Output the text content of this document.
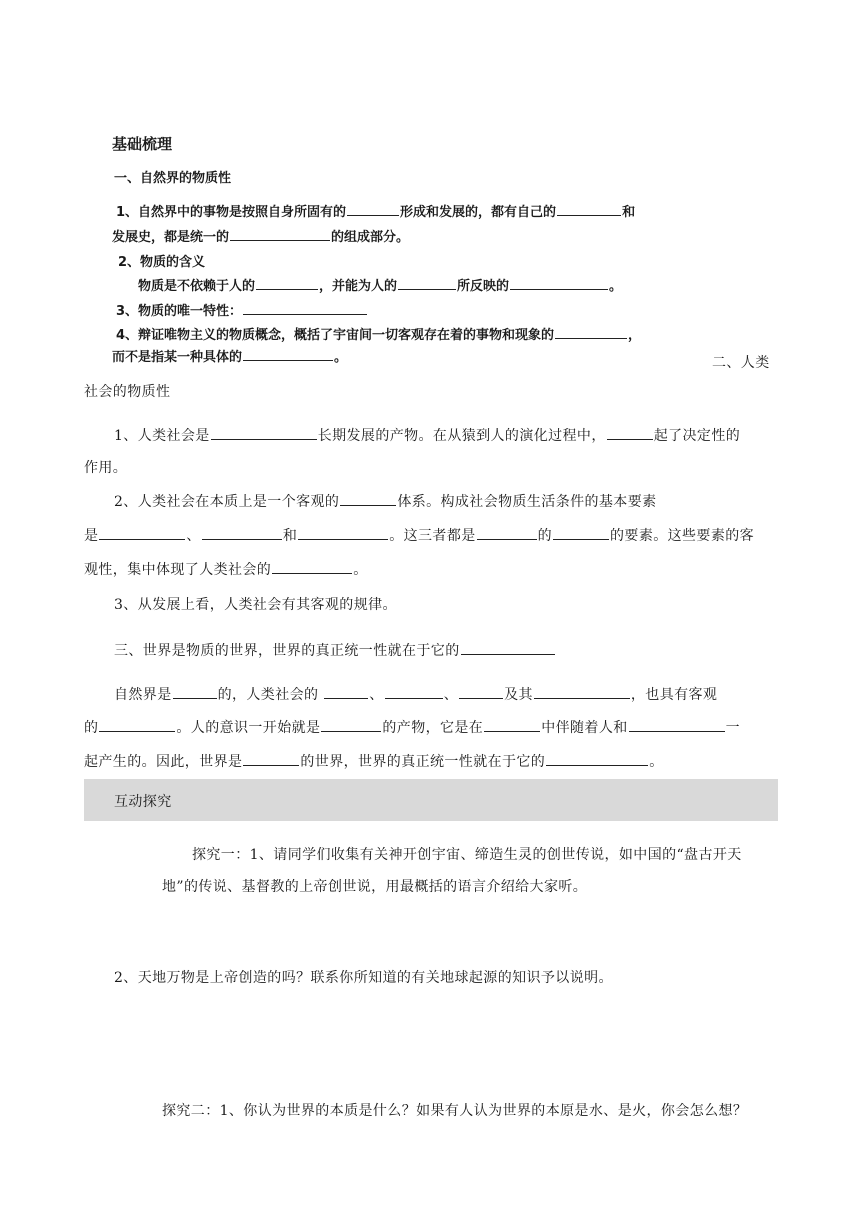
基础梳理
一、自然界的物质性
1、自然界中的事物是按照自身所固有的	形成和发展的，都有自己的	和
发展史，都是统一的	的组成部分。
2、物质的含义
物质是不依赖于人的	，并能为人的	所反映的	。
3、物质的唯一特性：
4、辩证唯物主义的物质概念，概括了宇宙间一切客观存在着的事物和现象的	，
而不是指某一种具体的	。	二、人类
社会的物质性
1、人类社会是	长期发展的产物。在从猿到人的演化过程中，	起了决定性的
作用。
2、人类社会在本质上是一个客观的	体系。构成社会物质生活条件的基本要素
是	、	和	。这三者都是	的	的要素。这些要素的客
观性，集中体现了人类社会的	。
3、从发展上看，人类社会有其客观的规律。
三、世界是物质的世界，世界的真正统一性就在于它的
自然界是	的，人类社会的	、	、	及其	，也具有客观
的	。人的意识一开始就是	的产物，它是在	中伴随着人和	一
起产生的。因此，世界是	的世界，世界的真正统一性就在于它的	。
互动探究
探究一：1、请同学们收集有关神开创宇宙、缔造生灵的创世传说，如中国的“盘古开天
地”的传说、基督教的上帝创世说，用最概括的语言介绍给大家听。
2、天地万物是上帝创造的吗？联系你所知道的有关地球起源的知识予以说明。
探究二：1、你认为世界的本质是什么？如果有人认为世界的本原是水、是火，你会怎么想？
